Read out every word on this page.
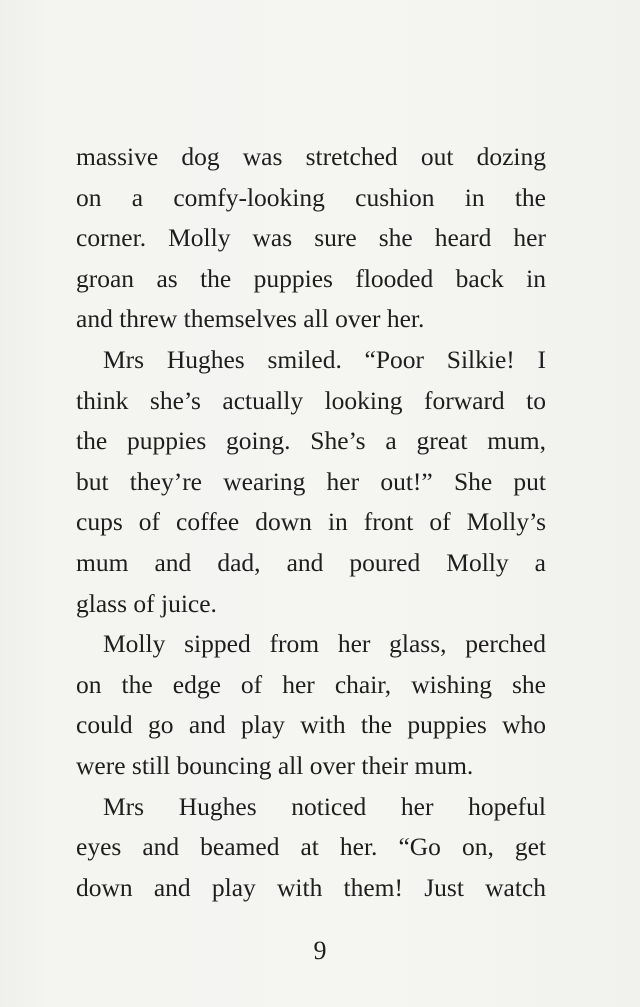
massive dog was stretched out dozing
on a comfy-looking cushion in the
corner. Molly was sure she heard her
groan as the puppies flooded back in
and threw themselves all over her.
Mrs Hughes smiled. “Poor Silkie! I
think she’s actually looking forward to
the puppies going. She’s a great mum,
but they’re wearing her out!” She put
cups of coffee down in front of Molly’s
mum and dad, and poured Molly a
glass of juice.
Molly sipped from her glass, perched
on the edge of her chair, wishing she
could go and play with the puppies who
were still bouncing all over their mum.
Mrs Hughes noticed her hopeful
eyes and beamed at her. “Go on, get
down and play with them! Just watch
9
